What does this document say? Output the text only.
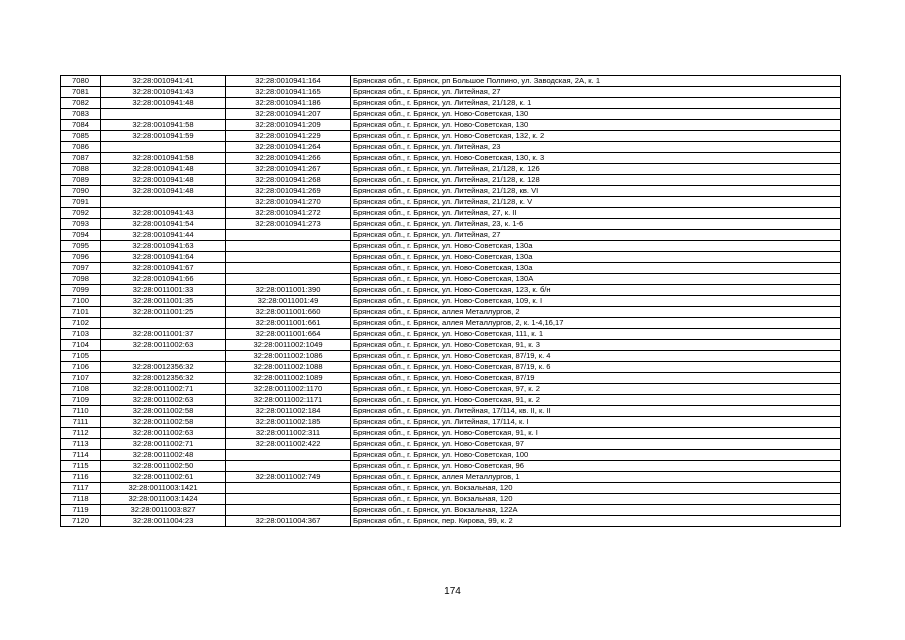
7080	32:28:0010941:41	32:28:0010941:164	Брянская обл., г. Брянск, рп Большое Полпино, ул. Заводская, 2А, к. 1
7081	32:28:0010941:43	32:28:0010941:165	Брянская обл., г. Брянск, ул. Литейная, 27
7082	32:28:0010941:48	32:28:0010941:186	Брянская обл., г. Брянск, ул. Литейная, 21/128, к. 1
7083		32:28:0010941:207	Брянская обл., г. Брянск, ул. Ново-Советская, 130
7084	32:28:0010941:58	32:28:0010941:209	Брянская обл., г. Брянск, ул. Ново-Советская, 130
7085	32:28:0010941:59	32:28:0010941:229	Брянская обл., г. Брянск, ул. Ново-Советская, 132, к. 2
7086		32:28:0010941:264	Брянская обл., г. Брянск, ул. Литейная, 23
7087	32:28:0010941:58	32:28:0010941:266	Брянская обл., г. Брянск, ул. Ново-Советская, 130, к. 3
7088	32:28:0010941:48	32:28:0010941:267	Брянская обл., г. Брянск, ул. Литейная, 21/128, к. 126
7089	32:28:0010941:48	32:28:0010941:268	Брянская обл., г. Брянск, ул. Литейная, 21/128, к. 128
7090	32:28:0010941:48	32:28:0010941:269	Брянская обл., г. Брянск, ул. Литейная, 21/128, кв. VI
7091		32:28:0010941:270	Брянская обл., г. Брянск, ул. Литейная, 21/128, к. V
7092	32:28:0010941:43	32:28:0010941:272	Брянская обл., г. Брянск, ул. Литейная, 27, к. II
7093	32:28:0010941:54	32:28:0010941:273	Брянская обл., г. Брянск, ул. Литейная, 23, к. 1-6
7094	32:28:0010941:44		Брянская обл., г. Брянск, ул. Литейная, 27
7095	32:28:0010941:63		Брянская обл., г. Брянск, ул. Ново-Советская, 130а
7096	32:28:0010941:64		Брянская обл., г. Брянск, ул. Ново-Советская, 130а
7097	32:28:0010941:67		Брянская обл., г. Брянск, ул. Ново-Советская, 130а
7098	32:28:0010941:66		Брянская обл., г. Брянск, ул. Ново-Советская, 130А
7099	32:28:0011001:33	32:28:0011001:390	Брянская обл., г. Брянск, ул. Ново-Советская, 123, к. б/н
7100	32:28:0011001:35	32:28:0011001:49	Брянская обл., г. Брянск, ул. Ново-Советская, 109, к. I
7101	32:28:0011001:25	32:28:0011001:660	Брянская обл., г. Брянск, аллея Металлургов, 2
7102		32:28:0011001:661	Брянская обл., г. Брянск, аллея Металлургов, 2, к. 1-4,16,17
7103	32:28:0011001:37	32:28:0011001:664	Брянская обл., г. Брянск, ул. Ново-Советская, 111, к. 1
7104	32:28:0011002:63	32:28:0011002:1049	Брянская обл., г. Брянск, ул. Ново-Советская, 91, к. 3
7105		32:28:0011002:1086	Брянская обл., г. Брянск, ул. Ново-Советская, 87/19, к. 4
7106	32:28:0012356:32	32:28:0011002:1088	Брянская обл., г. Брянск, ул. Ново-Советская, 87/19, к. 6
7107	32:28:0012356:32	32:28:0011002:1089	Брянская обл., г. Брянск, ул. Ново-Советская, 87/19
7108	32:28:0011002:71	32:28:0011002:1170	Брянская обл., г. Брянск, ул. Ново-Советская, 97, к. 2
7109	32:28:0011002:63	32:28:0011002:1171	Брянская обл., г. Брянск, ул. Ново-Советская, 91, к. 2
7110	32:28:0011002:58	32:28:0011002:184	Брянская обл., г. Брянск, ул. Литейная, 17/114, кв. II, к. II
7111	32:28:0011002:58	32:28:0011002:185	Брянская обл., г. Брянск, ул. Литейная, 17/114, к. I
7112	32:28:0011002:63	32:28:0011002:311	Брянская обл., г. Брянск, ул. Ново-Советская, 91, к. I
7113	32:28:0011002:71	32:28:0011002:422	Брянская обл., г. Брянск, ул. Ново-Советская, 97
7114	32:28:0011002:48		Брянская обл., г. Брянск, ул. Ново-Советская, 100
7115	32:28:0011002:50		Брянская обл., г. Брянск, ул. Ново-Советская, 96
7116	32:28:0011002:61	32:28:0011002:749	Брянская обл., г. Брянск, аллея Металлургов, 1
7117	32:28:0011003:1421		Брянская обл., г. Брянск, ул. Вокзальная, 120
7118	32:28:0011003:1424		Брянская обл., г. Брянск, ул. Вокзальная, 120
7119	32:28:0011003:827		Брянская обл., г. Брянск, ул. Вокзальная, 122А
7120	32:28:0011004:23	32:28:0011004:367	Брянская обл., г. Брянск, пер. Кирова, 99, к. 2
174
